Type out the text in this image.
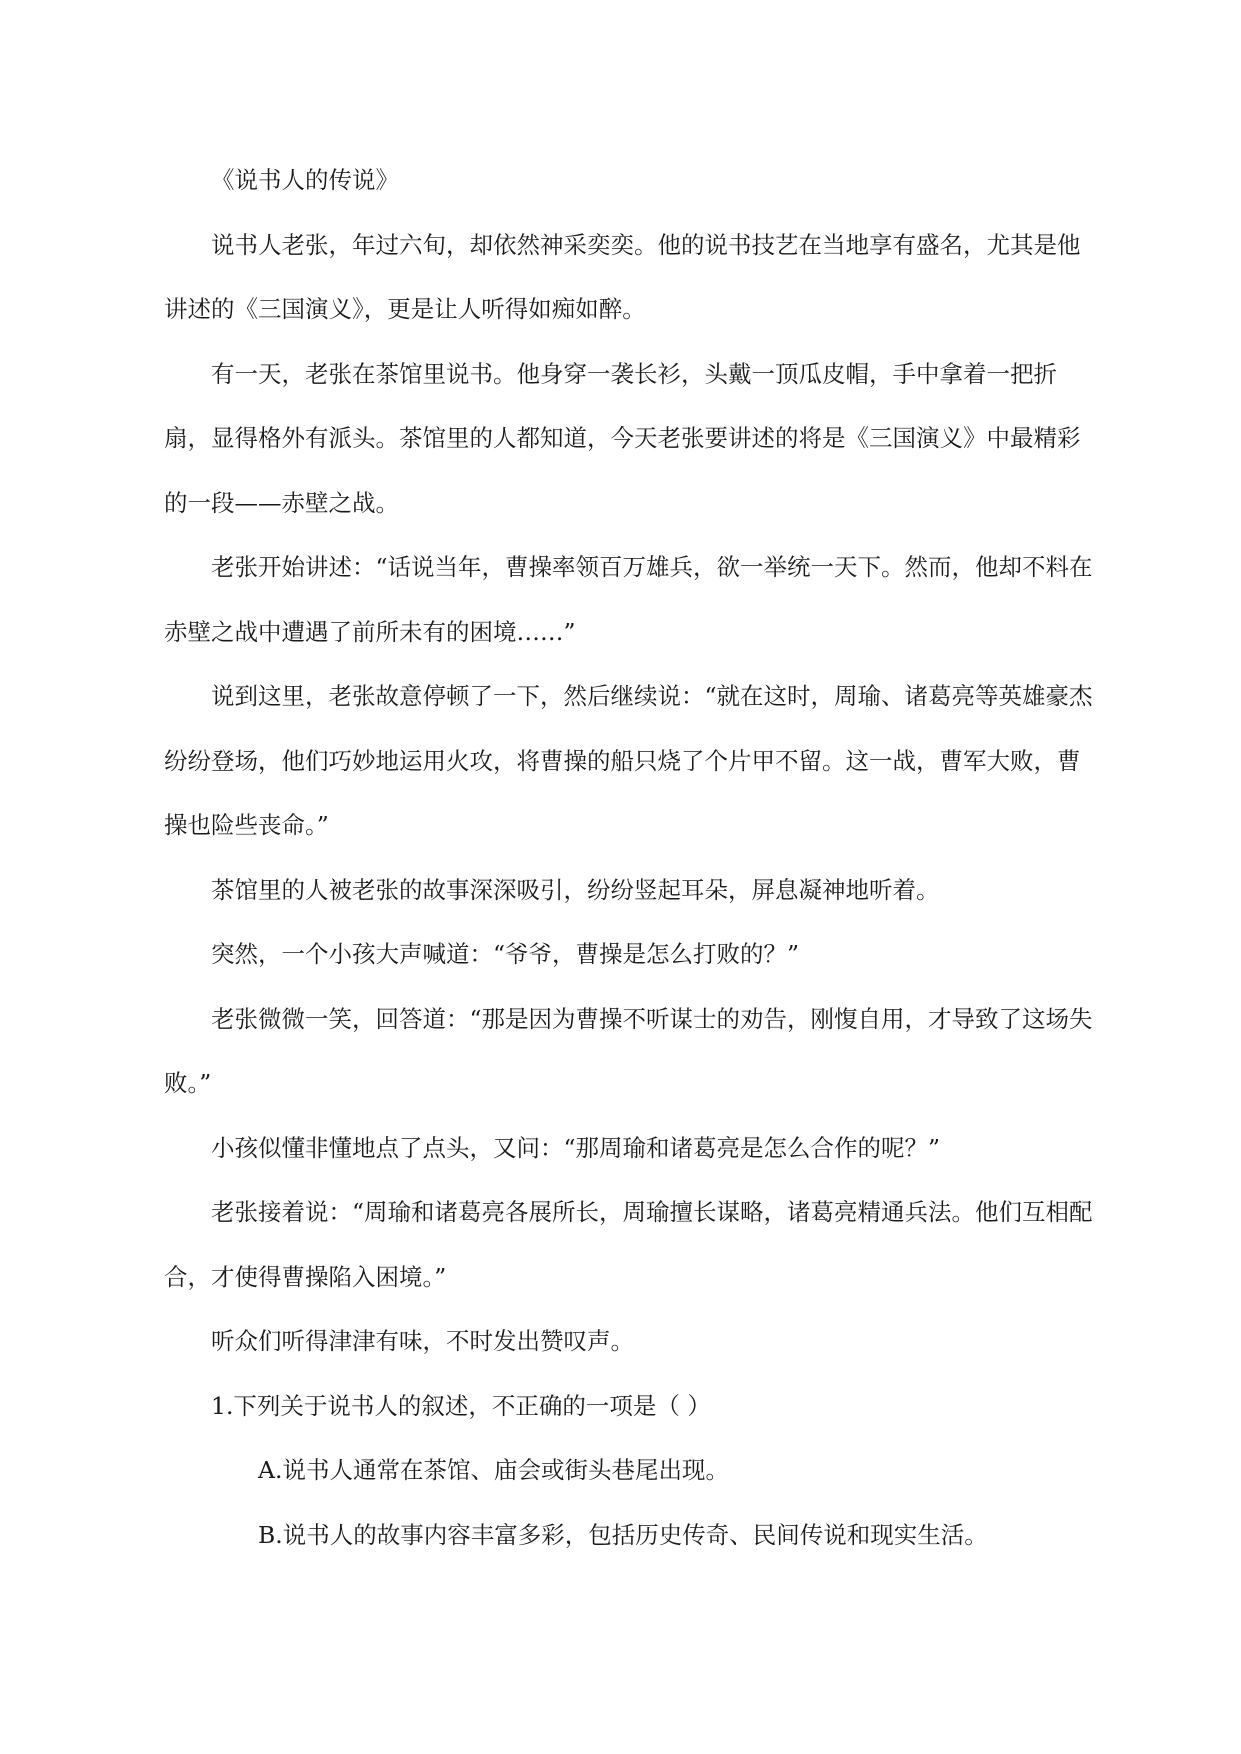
《说书人的传说》

说书人老张，年过六旬，却依然神采奕奕。他的说书技艺在当地享有盛名，尤其是他讲述的《三国演义》，更是让人听得如痴如醉。

有一天，老张在茶馆里说书。他身穿一袭长衫，头戴一顶瓜皮帽，手中拿着一把折扇，显得格外有派头。茶馆里的人都知道，今天老张要讲述的将是《三国演义》中最精彩的一段——赤壁之战。

老张开始讲述：“话说当年，曹操率领百万雄兵，欲一举统一天下。然而，他却不料在赤壁之战中遭遇了前所未有的困境……”

说到这里，老张故意停顿了一下，然后继续说：“就在这时，周瑜、诸葛亮等英雄豪杰纷纷登场，他们巧妙地运用火攻，将曹操的船只烧了个片甲不留。这一战，曹军大败，曹操也险些丧命。”

茶馆里的人被老张的故事深深吸引，纷纷竖起耳朵，屏息凝神地听着。

突然，一个小孩大声喊道：“爷爷，曹操是怎么打败的？”

老张微微一笑，回答道：“那是因为曹操不听谋士的劝告，刚愎自用，才导致了这场失败。”

小孩似懂非懂地点了点头，又问：“那周瑜和诸葛亮是怎么合作的呢？”

老张接着说：“周瑜和诸葛亮各展所长，周瑜擅长谋略，诸葛亮精通兵法。他们互相配合，才使得曹操陷入困境。”

听众们听得津津有味，不时发出赞叹声。

1.下列关于说书人的叙述，不正确的一项是（ ）

A.说书人通常在茶馆、庙会或街头巷尾出现。

B.说书人的故事内容丰富多彩，包括历史传奇、民间传说和现实生活。
